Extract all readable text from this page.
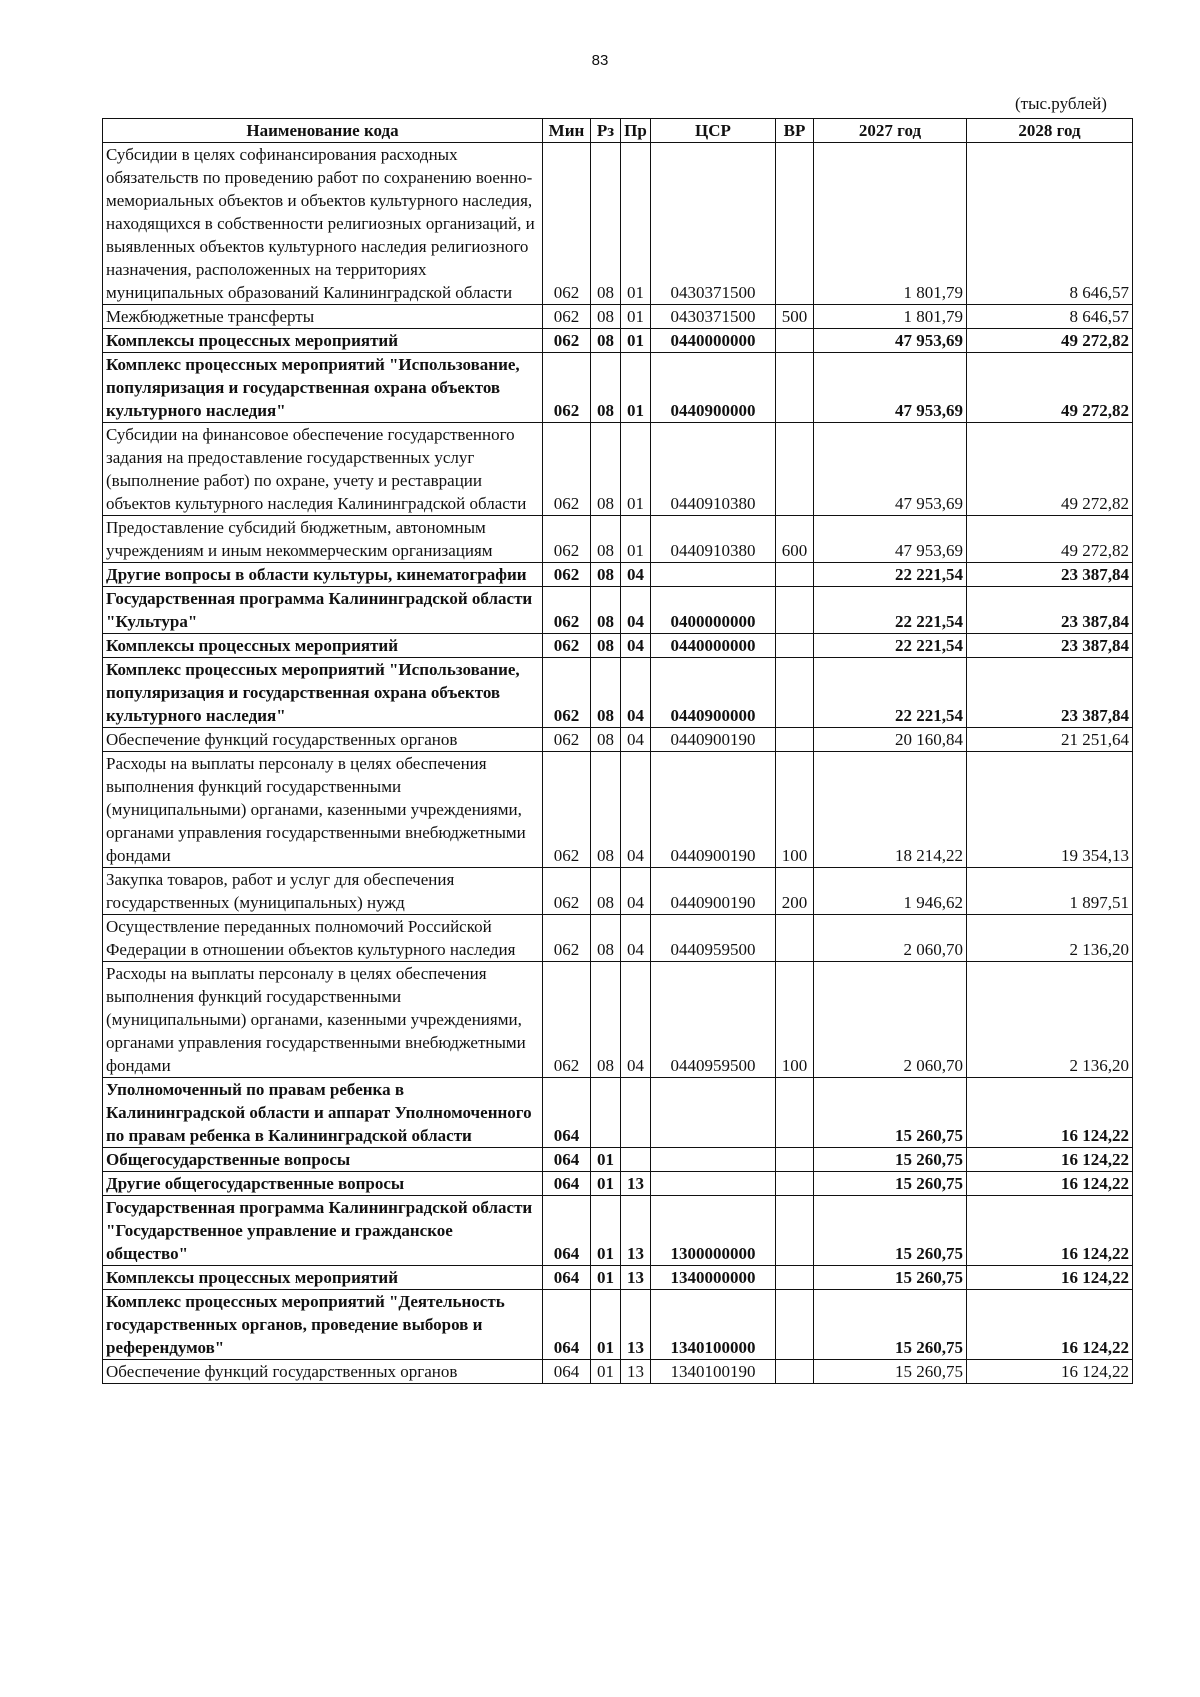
83
(тыс.рублей)
Наименование кода	Мин	Рз	Пр	ЦСР	ВР	2027 год	2028 год
Субсидии в целях софинансирования расходных обязательств по проведению работ по сохранению военно-мемориальных объектов и объектов культурного наследия, находящихся в собственности религиозных организаций, и выявленных объектов культурного наследия религиозного назначения, расположенных на территориях муниципальных образований Калининградской области	062	08	01	0430371500		1 801,79	8 646,57
Межбюджетные трансферты	062	08	01	0430371500	500	1 801,79	8 646,57
Комплексы процессных мероприятий	062	08	01	0440000000		47 953,69	49 272,82
Комплекс процессных мероприятий "Использование, популяризация и государственная охрана объектов культурного наследия"	062	08	01	0440900000		47 953,69	49 272,82
Субсидии на финансовое обеспечение государственного задания на предоставление государственных услуг (выполнение работ) по охране, учету и реставрации объектов культурного наследия Калининградской области	062	08	01	0440910380		47 953,69	49 272,82
Предоставление субсидий бюджетным, автономным учреждениям и иным некоммерческим организациям	062	08	01	0440910380	600	47 953,69	49 272,82
Другие вопросы в области культуры, кинематографии	062	08	04			22 221,54	23 387,84
Государственная программа Калининградской области "Культура"	062	08	04	0400000000		22 221,54	23 387,84
Комплексы процессных мероприятий	062	08	04	0440000000		22 221,54	23 387,84
Комплекс процессных мероприятий "Использование, популяризация и государственная охрана объектов культурного наследия"	062	08	04	0440900000		22 221,54	23 387,84
Обеспечение функций государственных органов	062	08	04	0440900190		20 160,84	21 251,64
Расходы на выплаты персоналу в целях обеспечения выполнения функций государственными (муниципальными) органами, казенными учреждениями, органами управления государственными внебюджетными фондами	062	08	04	0440900190	100	18 214,22	19 354,13
Закупка товаров, работ и услуг для обеспечения государственных (муниципальных) нужд	062	08	04	0440900190	200	1 946,62	1 897,51
Осуществление переданных полномочий Российской Федерации в отношении объектов культурного наследия	062	08	04	0440959500		2 060,70	2 136,20
Расходы на выплаты персоналу в целях обеспечения выполнения функций государственными (муниципальными) органами, казенными учреждениями, органами управления государственными внебюджетными фондами	062	08	04	0440959500	100	2 060,70	2 136,20
Уполномоченный по правам ребенка в Калининградской области и аппарат Уполномоченного по правам ребенка в Калининградской области	064					15 260,75	16 124,22
Общегосударственные вопросы	064	01				15 260,75	16 124,22
Другие общегосударственные вопросы	064	01	13			15 260,75	16 124,22
Государственная программа Калининградской области "Государственное управление и гражданское общество"	064	01	13	1300000000		15 260,75	16 124,22
Комплексы процессных мероприятий	064	01	13	1340000000		15 260,75	16 124,22
Комплекс процессных мероприятий "Деятельность государственных органов, проведение выборов и референдумов"	064	01	13	1340100000		15 260,75	16 124,22
Обеспечение функций государственных органов	064	01	13	1340100190		15 260,75	16 124,22
